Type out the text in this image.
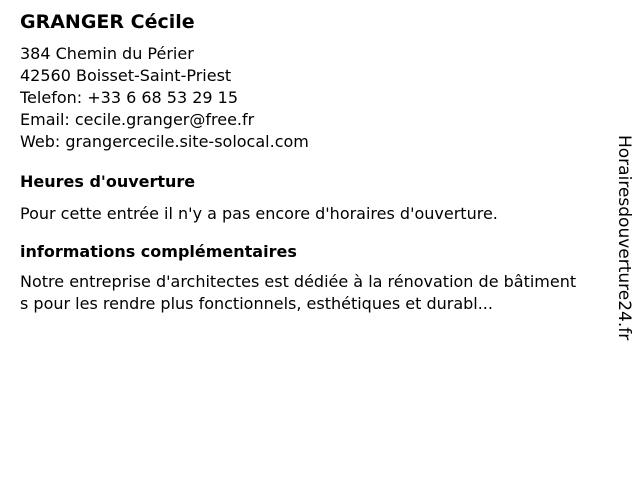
GRANGER Cécile
384 Chemin du Périer
42560 Boisset-Saint-Priest
Telefon: +33 6 68 53 29 15
Email: cecile.granger@free.fr
Web: grangercecile.site-solocal.com
Heures d'ouverture
Pour cette entrée il n'y a pas encore d'horaires d'ouverture.
informations complémentaires
Notre entreprise d'architectes est dédiée à la rénovation de bâtiments pour les rendre plus fonctionnels, esthétiques et durabl...	Horairesdouverture24.fr
